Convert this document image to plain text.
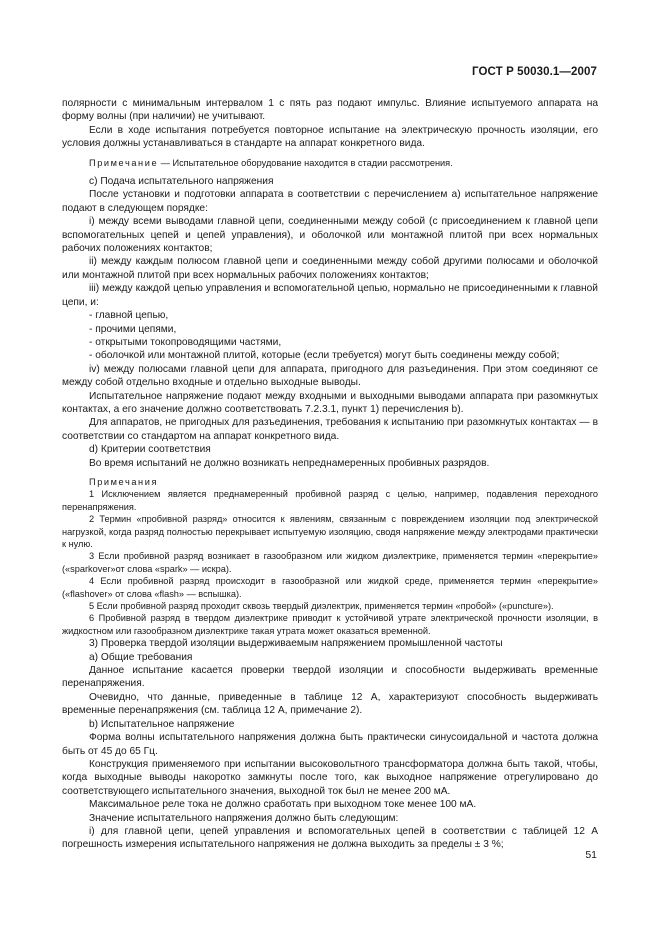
ГОСТ Р 50030.1—2007

полярности с минимальным интервалом 1 с пять раз подают импульс. Влияние испытуемого аппарата на форму волны (при наличии) не учитывают.

Если в ходе испытания потребуется повторное испытание на электрическую прочность изоляции, его условия должны устанавливаться в стандарте на аппарат конкретного вида.

Примечание — Испытательное оборудование находится в стадии рассмотрения.

с) Подача испытательного напряжения

После установки и подготовки аппарата в соответствии с перечислением а) испытательное напряжение подают в следующем порядке:

i) между всеми выводами главной цепи, соединенными между собой (с присоединением к главной цепи вспомогательных цепей и цепей управления), и оболочкой или монтажной плитой при всех нормальных рабочих положениях контактов;

ii) между каждым полюсом главной цепи и соединенными между собой другими полюсами и оболочкой или монтажной плитой при всех нормальных рабочих положениях контактов;

iii) между каждой цепью управления и вспомогательной цепью, нормально не присоединенными к главной цепи, и:

- главной цепью,

- прочими цепями,

- открытыми токопроводящими частями,

- оболочкой или монтажной плитой, которые (если требуется) могут быть соединены между собой;

iv) между полюсами главной цепи для аппарата, пригодного для разъединения. При этом соединяют се между собой отдельно входные и отдельно выходные выводы.

Испытательное напряжение подают между входными и выходными выводами аппарата при разомкнутых контактах, а его значение должно соответствовать 7.2.3.1, пункт 1) перечисления b).

Для аппаратов, не пригодных для разъединения, требования к испытанию при разомкнутых контактах — в соответствии со стандартом на аппарат конкретного вида.

d) Критерии соответствия

Во время испытаний не должно возникать непреднамеренных пробивных разрядов.

Примечания

1 Исключением является преднамеренный пробивной разряд с целью, например, подавления переходного перенапряжения.

2 Термин «пробивной разряд» относится к явлениям, связанным с повреждением изоляции под электрической нагрузкой, когда разряд полностью перекрывает испытуемую изоляцию, сводя напряжение между электродами практически к нулю.

3 Если пробивной разряд возникает в газообразном или жидком диэлектрике, применяется термин «перекрытие» («sparkover»от слова «spark» — искра).

4 Если пробивной разряд происходит в газообразной или жидкой среде, применяется термин «перекрытие» («flashover» от слова «flash» — вспышка).

5 Если пробивной разряд проходит сквозь твердый диэлектрик, применяется термин «пробой» («puncture»).

6 Пробивной разряд в твердом диэлектрике приводит к устойчивой утрате электрической прочности изоляции, в жидкостном или газообразном диэлектрике такая утрата может оказаться временной.

3) Проверка твердой изоляции выдерживаемым напряжением промышленной частоты

а) Общие требования

Данное испытание касается проверки твердой изоляции и способности выдерживать временные перенапряжения.

Очевидно, что данные, приведенные в таблице 12 А, характеризуют способность выдерживать временные перенапряжения (см. таблица 12 А, примечание 2).

b) Испытательное напряжение

Форма волны испытательного напряжения должна быть практически синусоидальной и частота должна быть от 45 до 65 Гц.

Конструкция применяемого при испытании высоковольтного трансформатора должна быть такой, чтобы, когда выходные выводы накоротко замкнуты после того, как выходное напряжение отрегулировано до соответствующего испытательного значения, выходной ток был не менее 200 мА.

Максимальное реле тока не должно сработать при выходном токе менее 100 мА.

Значение испытательного напряжения должно быть следующим:

i) для главной цепи, цепей управления и вспомогательных цепей в соответствии с таблицей 12 А погрешность измерения испытательного напряжения не должна выходить за пределы ± 3 %;

51
